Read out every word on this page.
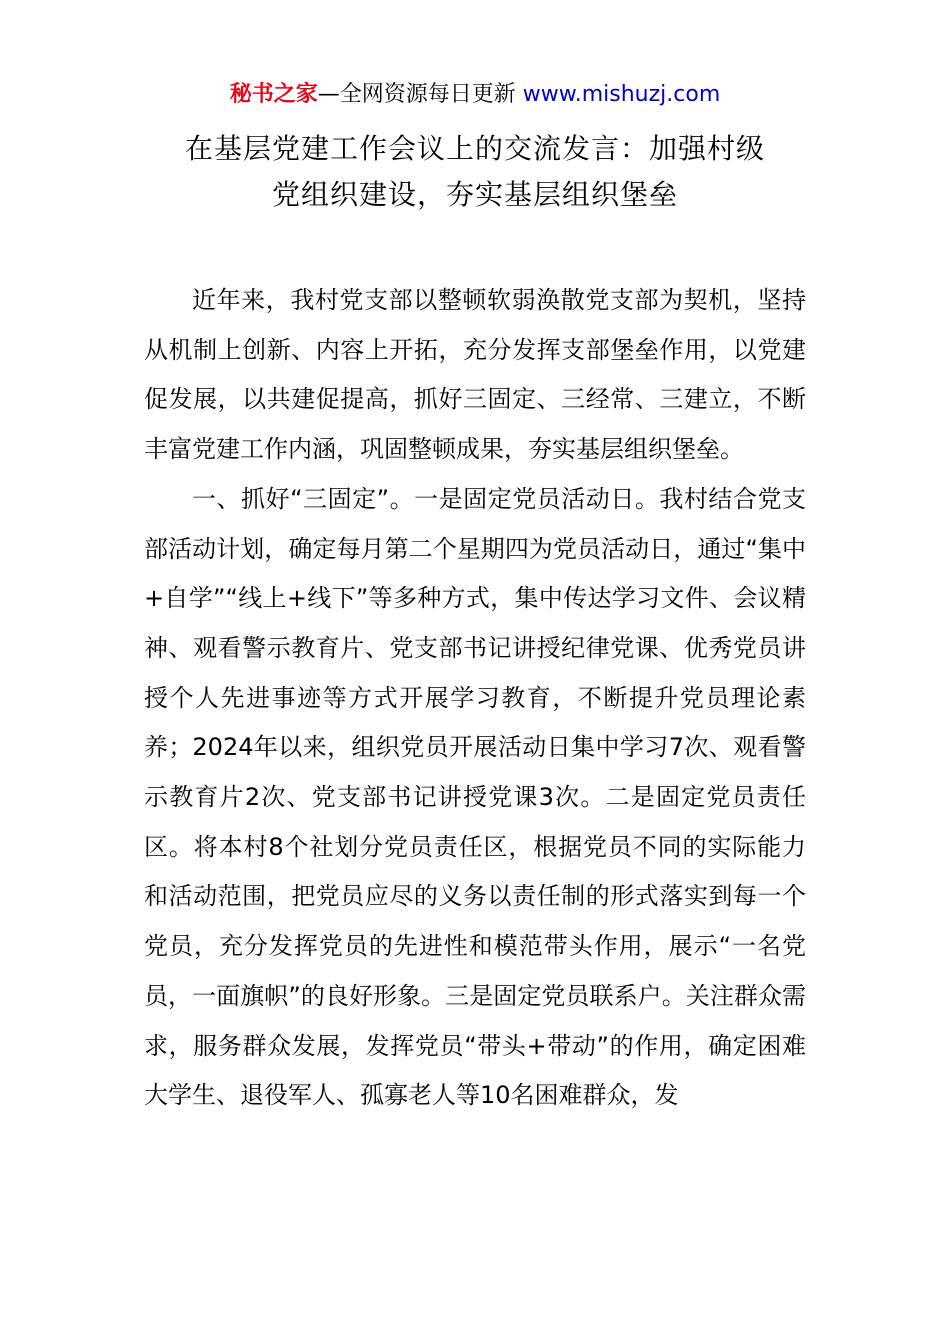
秘书之家—全网资源每日更新 www.mishuzj.com
在基层党建工作会议上的交流发言：加强村级
党组织建设，夯实基层组织堡垒

近年来，我村党支部以整顿软弱涣散党支部为契机，坚持从机制上创新、内容上开拓，充分发挥支部堡垒作用，以党建促发展，以共建促提高，抓好三固定、三经常、三建立，不断丰富党建工作内涵，巩固整顿成果，夯实基层组织堡垒。

一、抓好“三固定”。一是固定党员活动日。我村结合党支部活动计划，确定每月第二个星期四为党员活动日，通过“集中+自学”“线上+线下”等多种方式，集中传达学习文件、会议精神、观看警示教育片、党支部书记讲授纪律党课、优秀党员讲授个人先进事迹等方式开展学习教育，不断提升党员理论素养；2024年以来，组织党员开展活动日集中学习7次、观看警示教育片2次、党支部书记讲授党课3次。二是固定党员责任区。将本村8个社划分党员责任区，根据党员不同的实际能力和活动范围，把党员应尽的义务以责任制的形式落实到每一个党员，充分发挥党员的先进性和模范带头作用，展示“一名党员，一面旗帜”的良好形象。三是固定党员联系户。关注群众需求，服务群众发展，发挥党员“带头+带动”的作用，确定困难大学生、退役军人、孤寡老人等10名困难群众，发
